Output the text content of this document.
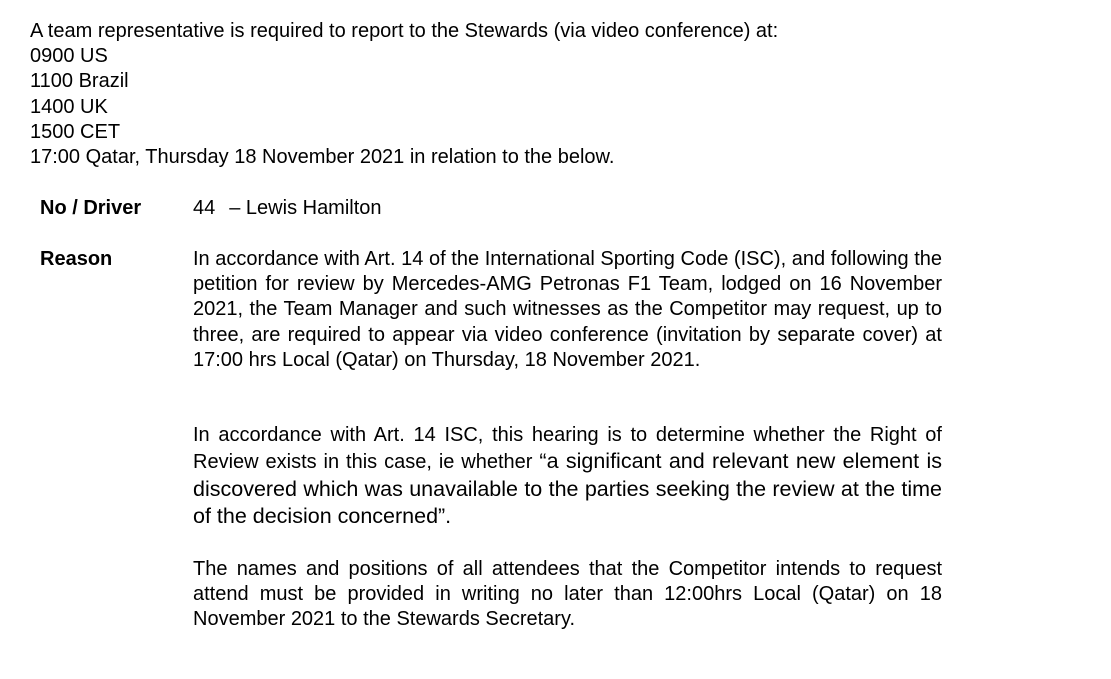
A team representative is required to report to the Stewards (via video conference) at:
0900 US
1100 Brazil
1400 UK
1500 CET
17:00 Qatar, Thursday 18 November 2021 in relation to the below.
No / Driver	44 – Lewis Hamilton
Reason	In accordance with Art. 14 of the International Sporting Code (ISC), and following the petition for review by Mercedes-AMG Petronas F1 Team, lodged on 16 November 2021, the Team Manager and such witnesses as the Competitor may request, up to three, are required to appear via video conference (invitation by separate cover) at 17:00 hrs Local (Qatar) on Thursday, 18 November 2021.
In accordance with Art. 14 ISC, this hearing is to determine whether the Right of Review exists in this case, ie whether “a significant and relevant new element is discovered which was unavailable to the parties seeking the review at the time of the decision concerned”.
The names and positions of all attendees that the Competitor intends to request attend must be provided in writing no later than 12:00hrs Local (Qatar) on 18 November 2021 to the Stewards Secretary.
